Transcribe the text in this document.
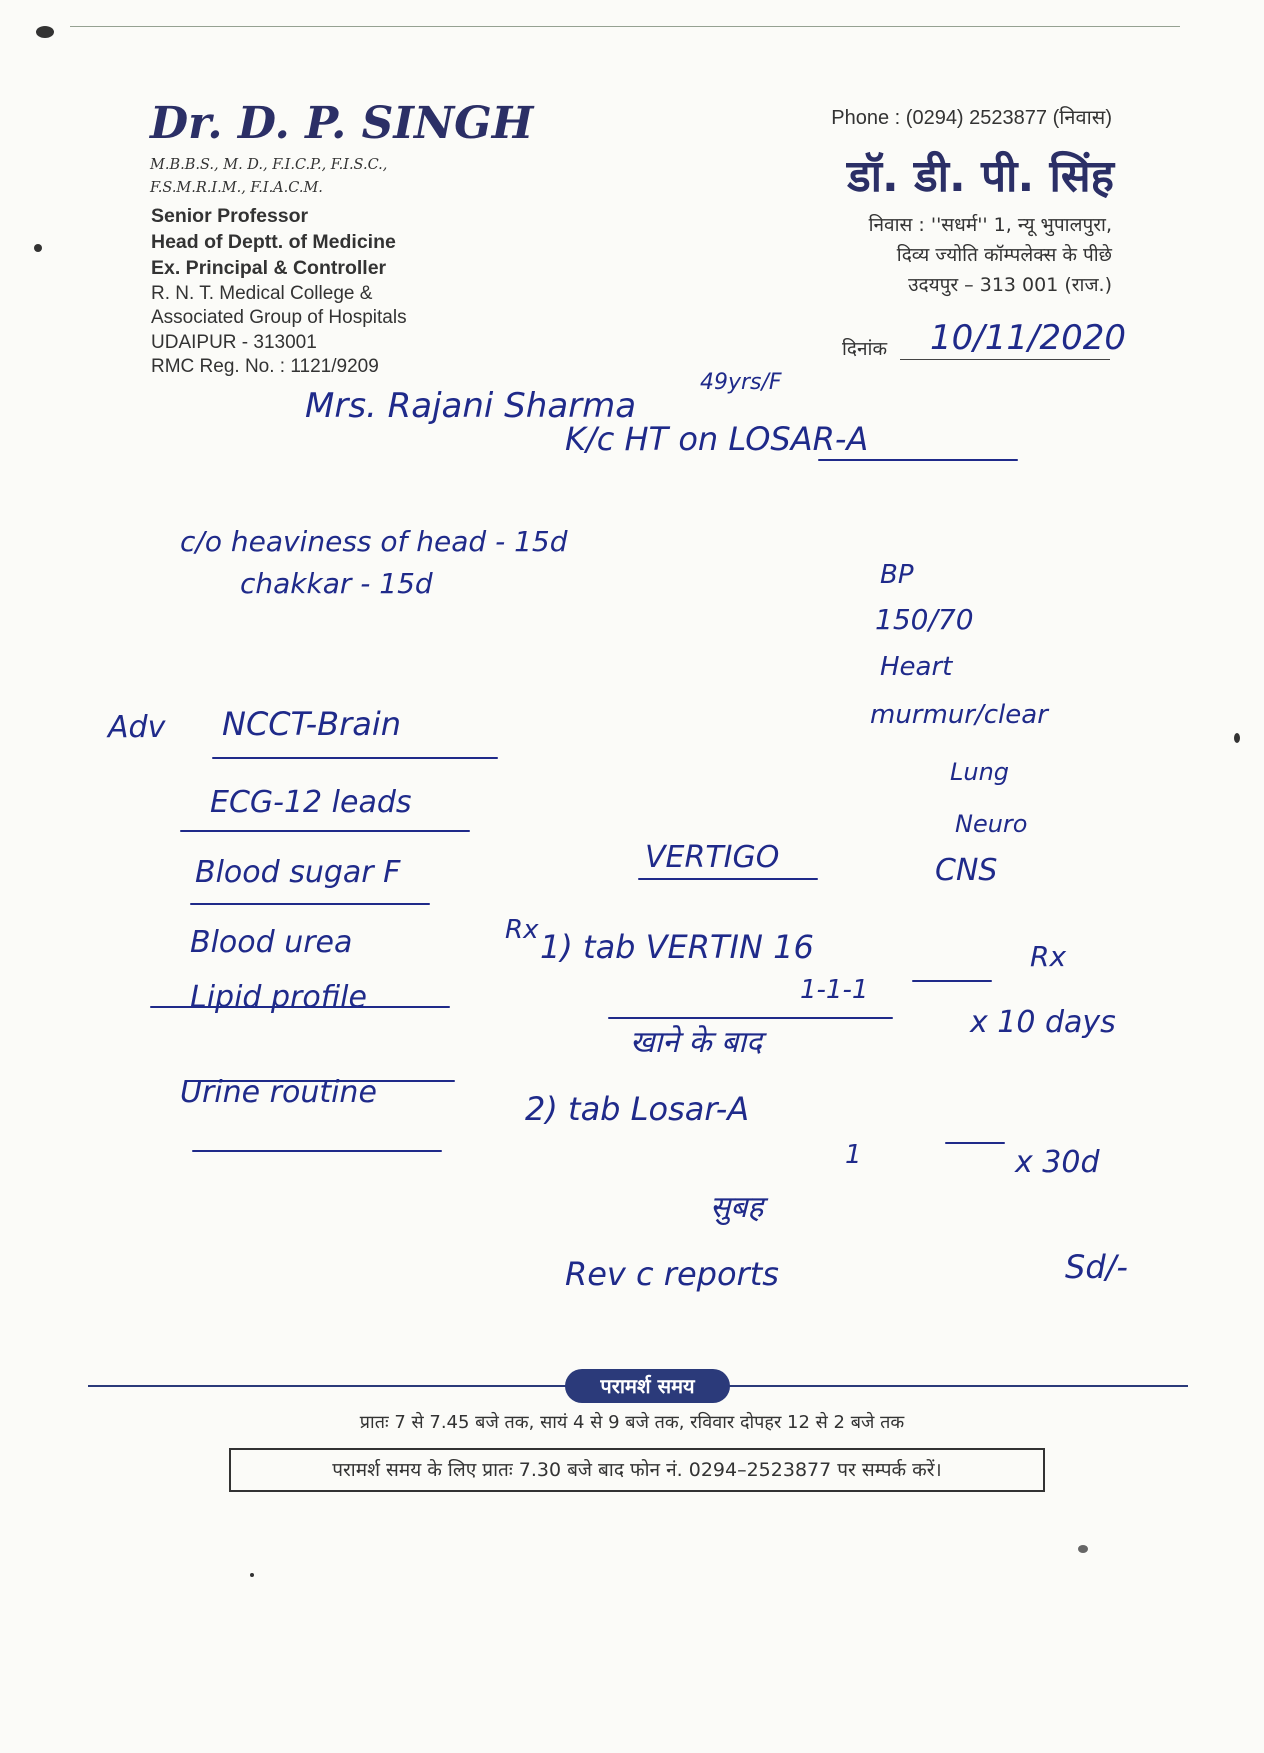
Dr. D. P. SINGH
M.B.B.S., M. D., F.I.C.P., F.I.S.C.,
F.S.M.R.I.M., F.I.A.C.M.
Senior Professor
Head of Deptt. of Medicine
Ex. Principal & Controller
R. N. T. Medical College &
Associated Group of Hospitals
UDAIPUR - 313001
RMC Reg. No. : 1121/9209
Phone : (0294) 2523877 (निवास)
डॉ. डी. पी. सिंह
निवास : ''सधर्म'' 1, न्यू भुपालपुरा,
दिव्य ज्योति कॉम्पलेक्स के पीछे
उदयपुर – 313 001 (राज.)
दिनांक 10/11/2020
Mrs. Rajani Sharma
49yrs/F
K/c HT on LOSAR-A
c/o heaviness of head - 15d
chakkar - 15d	BP
150/70
Heart
murmur/clear
Lung
Neuro
CNS
Adv NCCT-Brain
ECG-12 leads
Blood sugar F
Blood urea
Lipid profile
Urine routine
VERTIGO
Rx 1) tab VERTIN 16
1-1-1
खाने के बाद
Rx
x 10 days
2) tab Losar-A
1
सुबह
x 30d
Rev c reports	Sd/-
परामर्श समय
प्रातः 7 से 7.45 बजे तक, सायं 4 से 9 बजे तक, रविवार दोपहर 12 से 2 बजे तक
परामर्श समय के लिए प्रातः 7.30 बजे बाद फोन नं. 0294–2523877 पर सम्पर्क करें।
